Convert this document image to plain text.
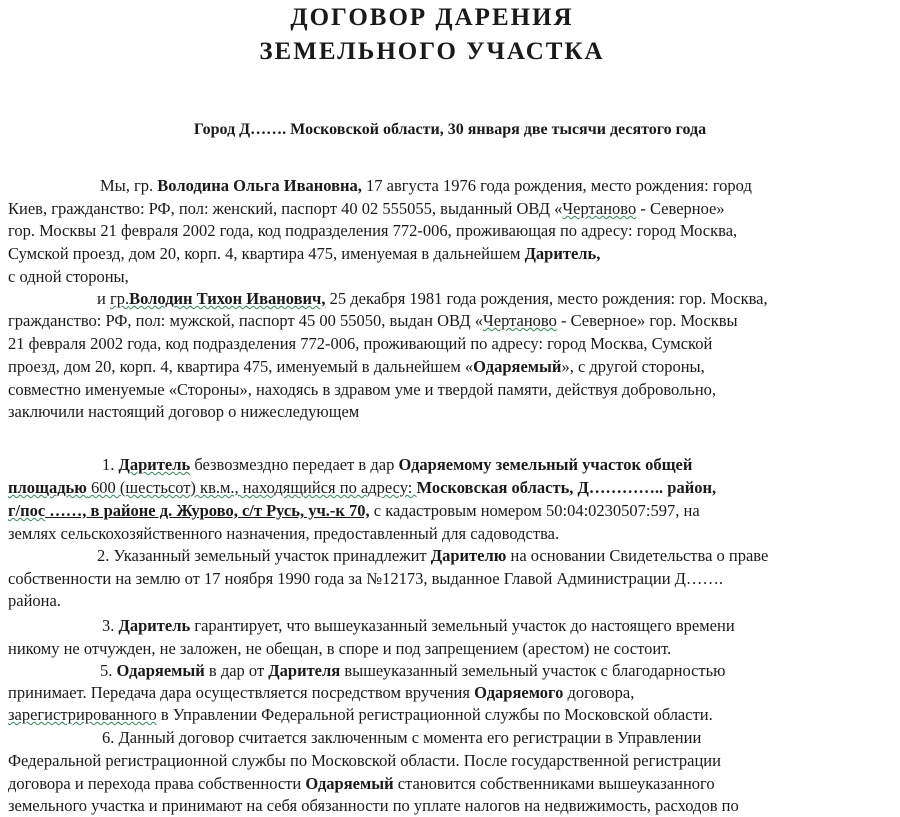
ДОГОВОР ДАРЕНИЯ
ЗЕМЕЛЬНОГО УЧАСТКА
Город Д……. Московской области, 30 января две тысячи десятого года
Мы, гр. Володина Ольга Ивановна, 17 августа 1976 года рождения, место рождения: город
Киев, гражданство: РФ, пол: женский, паспорт 40 02 555055, выданный ОВД «Чертаново - Северное»
гор. Москвы 21 февраля 2002 года, код подразделения 772-006, проживающая по адресу: город Москва,
Сумской проезд, дом 20, корп. 4, квартира 475, именуемая в дальнейшем Даритель,
с одной стороны,
и гр.Володин Тихон Иванович, 25 декабря 1981 года рождения, место рождения: гор. Москва,
гражданство: РФ, пол: мужской, паспорт 45 00 55050, выдан ОВД «Чертаново - Северное» гор. Москвы
21 февраля 2002 года, код подразделения 772-006, проживающий по адресу: город Москва, Сумской
проезд, дом 20, корп. 4, квартира 475, именуемый в дальнейшем «Одаряемый», с другой стороны,
совместно именуемые «Стороны», находясь в здравом уме и твердой памяти, действуя добровольно,
заключили настоящий договор о нижеследующем
1. Даритель безвозмездно передает в дар Одаряемому земельный участок общей
площадью 600 (шестьсот) кв.м., находящийся по адресу: Московская область, Д………….. район,
г/пос ……, в районе д. Журово, с/т Русь, уч.-к 70, с кадастровым номером 50:04:0230507:597, на
землях сельскохозяйственного назначения, предоставленный для садоводства.
2. Указанный земельный участок принадлежит Дарителю на основании Свидетельства о праве
собственности на землю от 17 ноября 1990 года за №12173, выданное Главой Администрации Д…….
района.
3. Даритель гарантирует, что вышеуказанный земельный участок до настоящего времени
никому не отчужден, не заложен, не обещан, в споре и под запрещением (арестом) не состоит.
5. Одаряемый в дар от Дарителя вышеуказанный земельный участок с благодарностью
принимает. Передача дара осуществляется посредством вручения Одаряемого договора,
зарегистрированного в Управлении Федеральной регистрационной службы по Московской области.
6. Данный договор считается заключенным с момента его регистрации в Управлении
Федеральной регистрационной службы по Московской области. После государственной регистрации
договора и перехода права собственности Одаряемый становится собственниками вышеуказанного
земельного участка и принимают на себя обязанности по уплате налогов на недвижимость, расходов по
